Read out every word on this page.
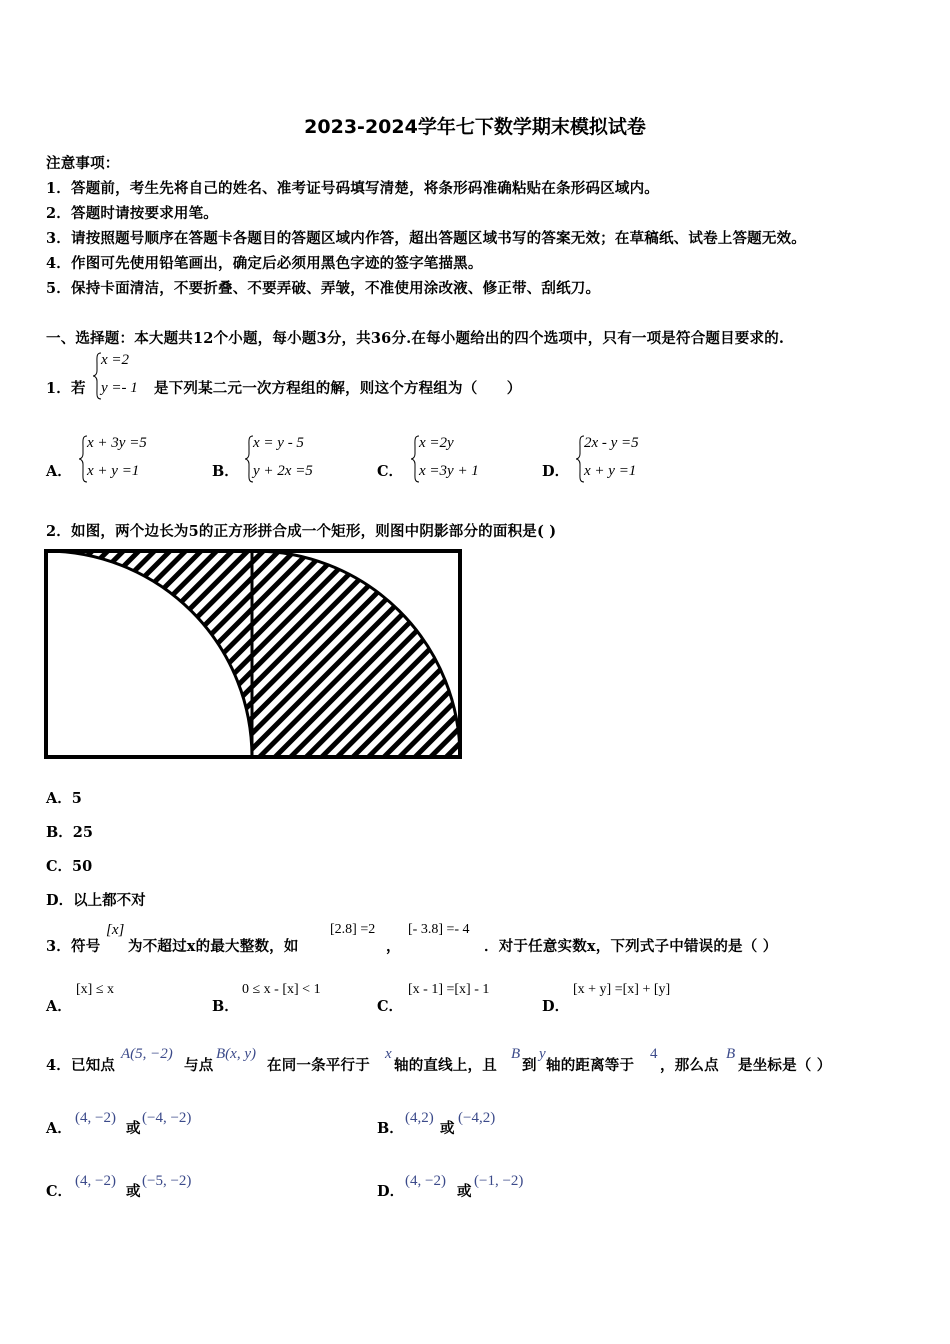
2023-2024学年七下数学期末模拟试卷
注意事项：
1．答题前，考生先将自己的姓名、准考证号码填写清楚，将条形码准确粘贴在条形码区域内。
2．答题时请按要求用笔。
3．请按照题号顺序在答题卡各题目的答题区域内作答，超出答题区域书写的答案无效；在草稿纸、试卷上答题无效。
4．作图可先使用铅笔画出，确定后必须用黑色字迹的签字笔描黑。
5．保持卡面清洁，不要折叠、不要弄破、弄皱，不准使用涂改液、修正带、刮纸刀。
一、选择题：本大题共12个小题，每小题3分，共36分.在每小题给出的四个选项中，只有一项是符合题目要求的.
1．若
x =2
y =- 1 是下列某二元一次方程组的解，则这个方程组为（　　）
A．
x + 3y =5
x + y =1	B．
x = y - 5
y + 2x =5	C．
x =2y
x =3y + 1	D．
2x - y =5
x + y =1
2．如图，两个边长为5的正方形拼合成一个矩形，则图中阴影部分的面积是( )
A．5
B．25
C．50
D．以上都不对
3．符号
[x]
为不超过x的最大整数，如
[2.8] =2
，
[- 3.8] =- 4
．对于任意实数x，下列式子中错误的是（ ）
A．
[x] ≤ x
B．
0 ≤ x - [x] < 1
C．
[x - 1] =[x] - 1
D．
[x + y] =[x] + [y]
4．已知点
A(5, −2)
与点
B(x, y)
在同一条平行于
x
轴的直线上，且
B
到
y
轴的距离等于
4
，那么点
B
是坐标是（ ）
A．
(4, −2)
或
(−4, −2)
B．
(4,2)
或
(−4,2)
C．
(4, −2)
或
(−5, −2)
D．
(4, −2)
或
(−1, −2)
